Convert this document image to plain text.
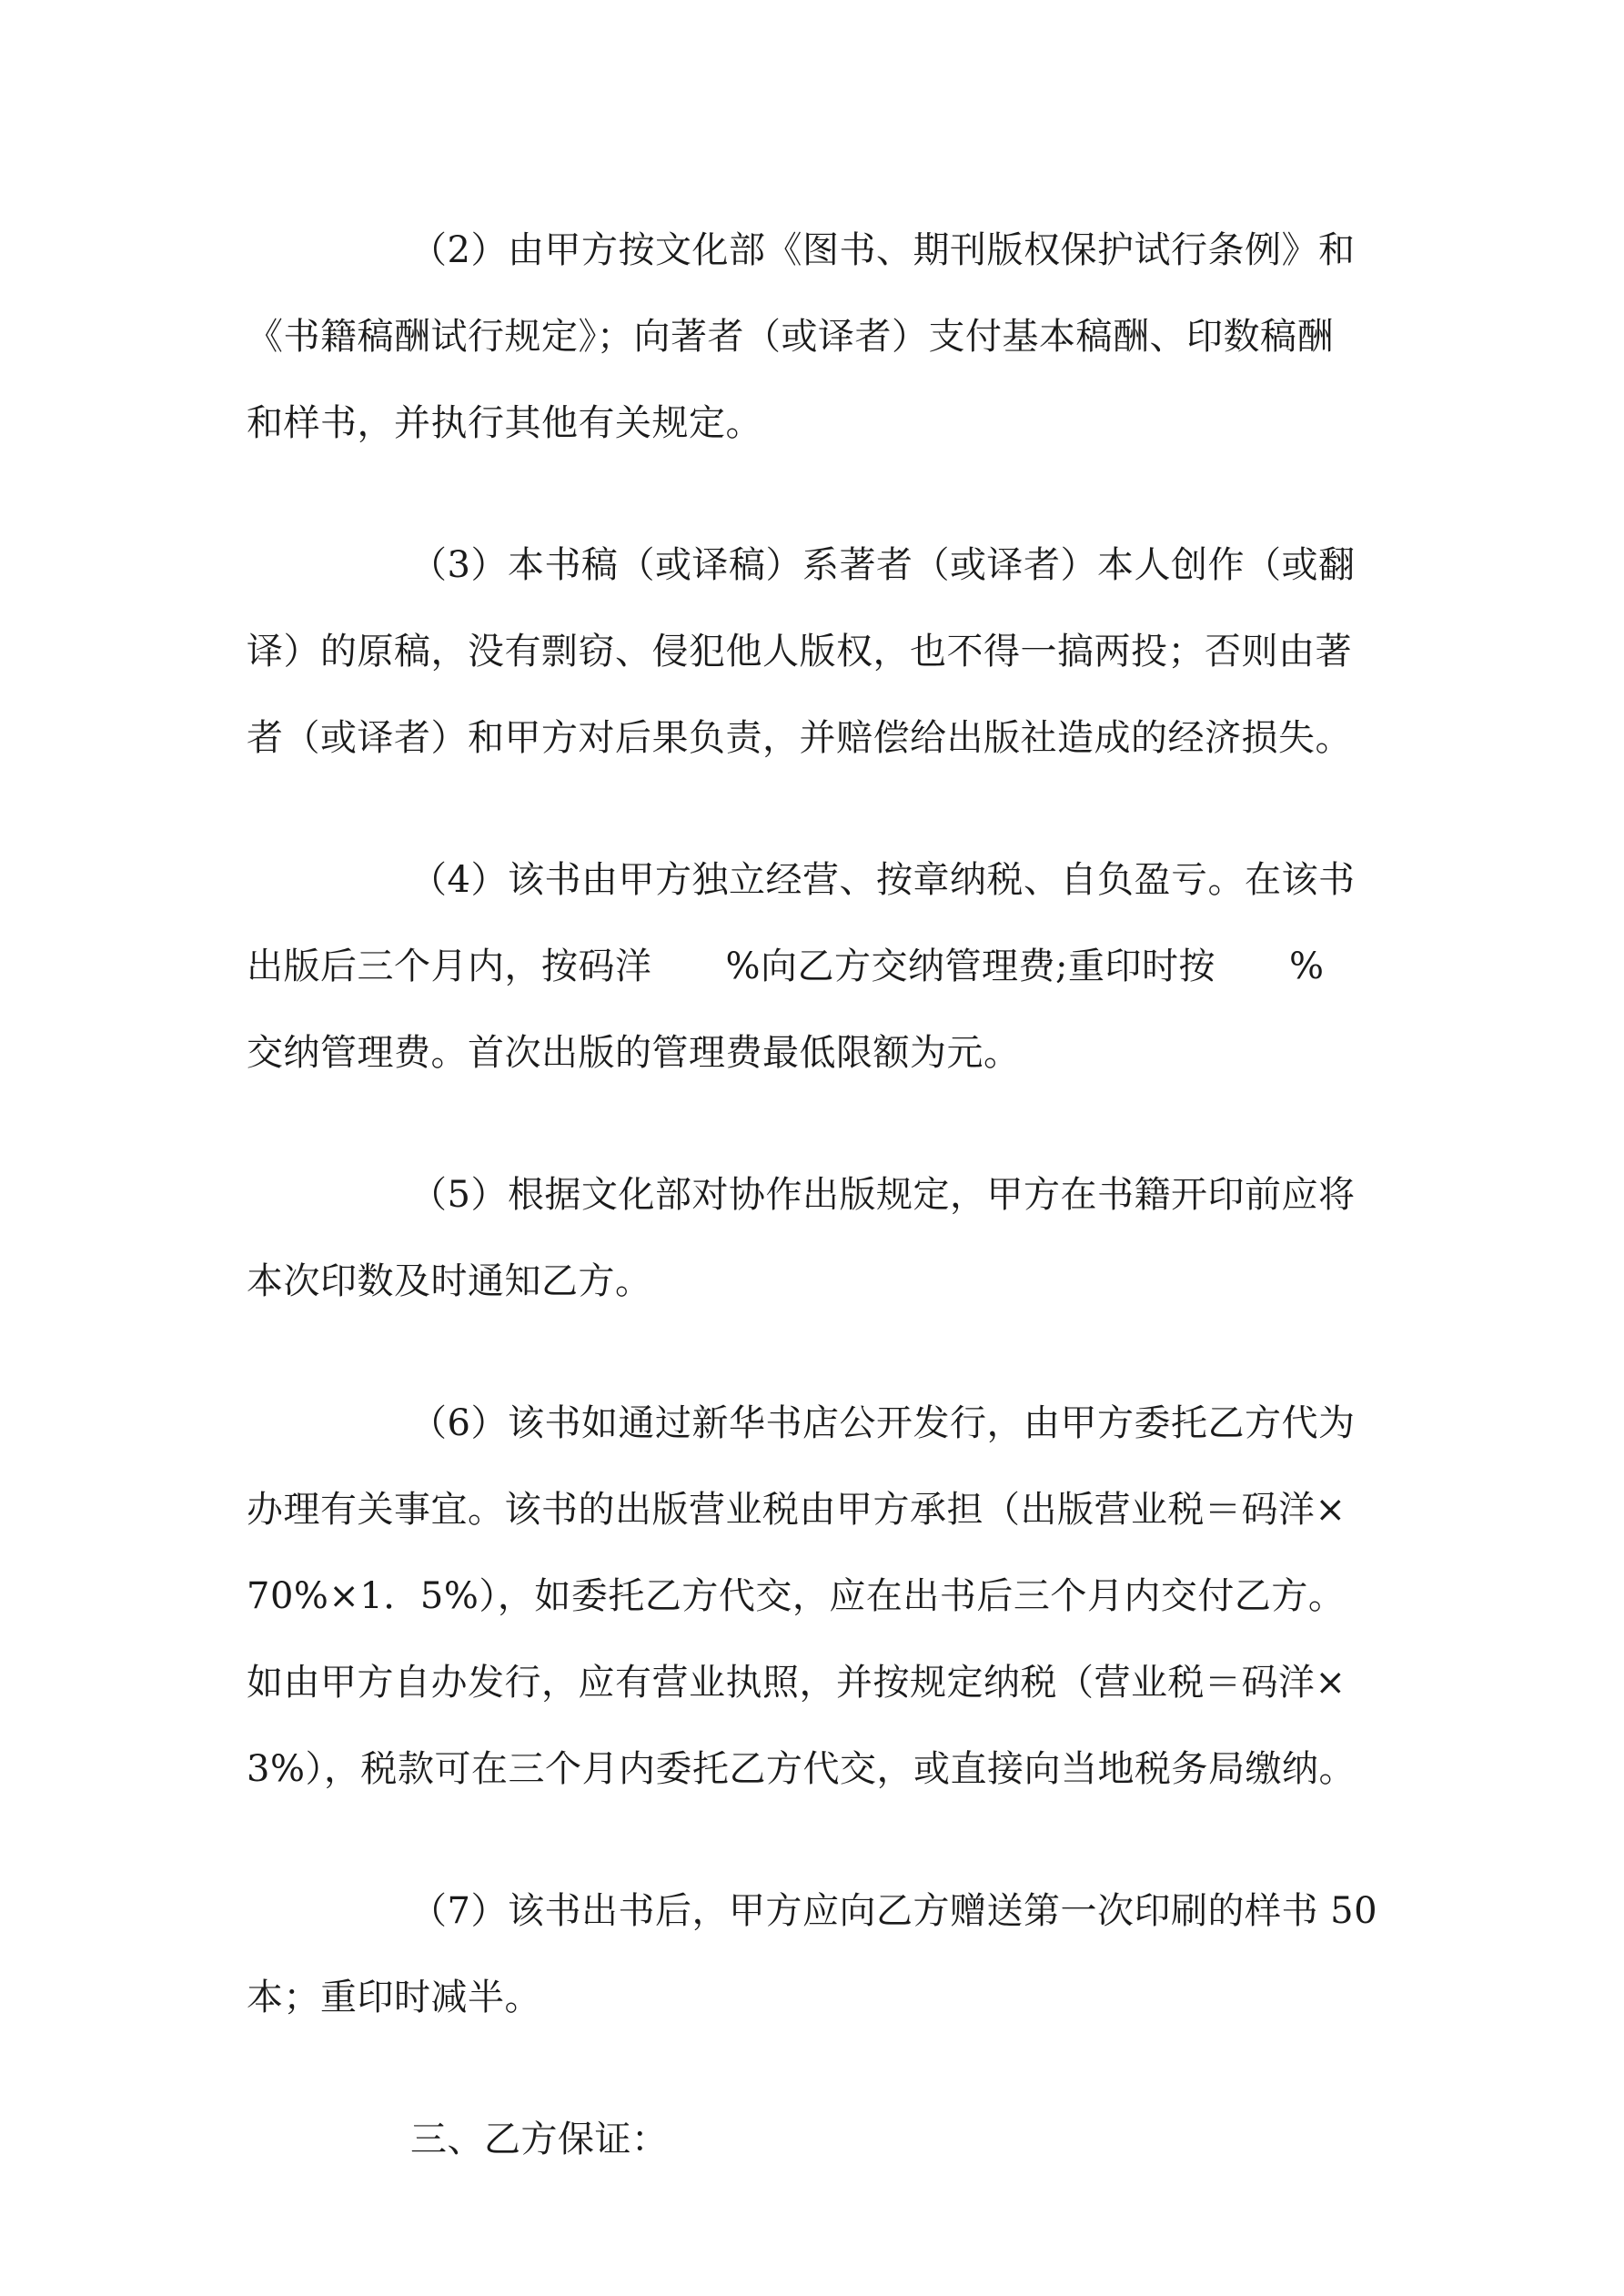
（2）由甲方按文化部《图书、期刊版权保护试行条例》和
《书籍稿酬试行规定》；向著者（或译者）支付基本稿酬、印数稿酬
和样书，并执行其他有关规定。
（3）本书稿（或译稿）系著者（或译者）本人创作（或翻
译）的原稿，没有剽窃、侵犯他人版权，也不得一搞两投；否则由著
者（或译者）和甲方对后果负责，并赔偿给出版社造成的经济损失。
（4）该书由甲方独立经营、按章纳税、自负盈亏。在该书
出版后三个月内，按码洋　　%向乙方交纳管理费;重印时按　　%
交纳管理费。首次出版的管理费最低限额为元。
（5）根据文化部对协作出版规定，甲方在书籍开印前应将
本次印数及时通知乙方。
（6）该书如通过新华书店公开发行，由甲方委托乙方代为
办理有关事宜。该书的出版营业税由甲方承担（出版营业税＝码洋×
70%×1．5%），如委托乙方代交，应在出书后三个月内交付乙方。
如由甲方自办发行，应有营业执照，并按规定纳税（营业税＝码洋×
3%），税款可在三个月内委托乙方代交，或直接向当地税务局缴纳。
（7）该书出书后，甲方应向乙方赠送第一次印刷的样书 50
本；重印时减半。
三、乙方保证：
